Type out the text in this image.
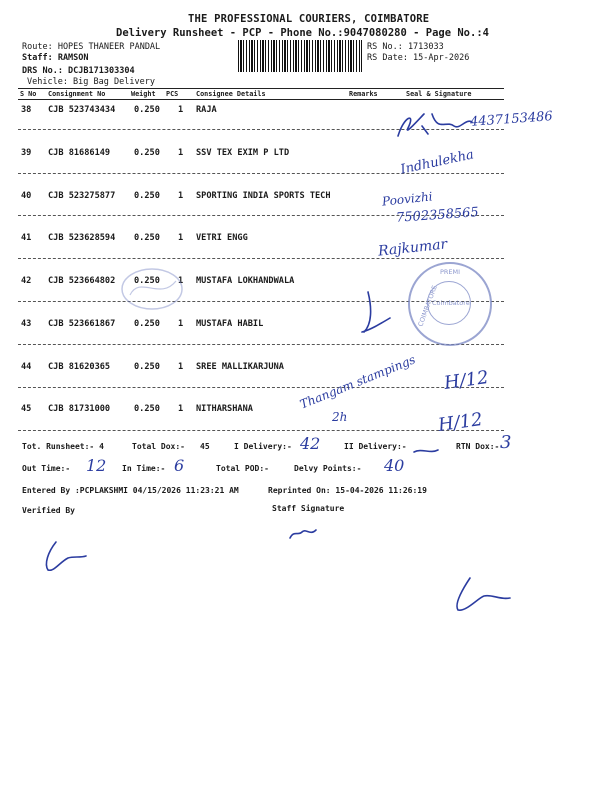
THE PROFESSIONAL COURIERS, COIMBATORE
Delivery Runsheet - PCP - Phone No.:9047080280 - Page No.:4
Route: HOPES THANEER PANDAL
Staff: RAMSON
DRS No.: DCJB171303304
Vehicle: Big Bag Delivery
RS No.: 1713033
RS Date: 15-Apr-2026
S No Consignment No	Weight PCS	Consignee Details	Remarks	Seal & Signature
38 CJB 523743434 0.250 1 RAJA
39 CJB 81686149	0.250 1 SSV TEX EXIM P LTD
40 CJB 523275877 0.250 1 SPORTING INDIA SPORTS TECH
41 CJB 523628594 0.250 1 VETRI ENGG
42 CJB 523664802 0.250 1 MUSTAFA LOKHANDWALA
43 CJB 523661867 0.250 1 MUSTAFA HABIL
44 CJB 81620365	0.250 1 SREE MALLIKARJUNA
45 CJB 81731000	0.250 1 NITHARSHANA
PREMI
Coimbatore
COIMBATORE
4437153486
Indhulekha
Poovizhi
7502358565
Rajkumar
Thangam stampings H/12
2h	H/12
Tot. Runsheet:- 4	Total Dox:- 45	I Delivery:- 42	II Delivery:-	RTN Dox:- 3
Out Time:- 12 In Time:- 6	Total POD:-	Delvy Points:- 40
Entered By :PCPLAKSHMI 04/15/2026 11:23:21 AM	Reprinted On: 15-04-2026 11:26:19
Verified By	Staff Signature
